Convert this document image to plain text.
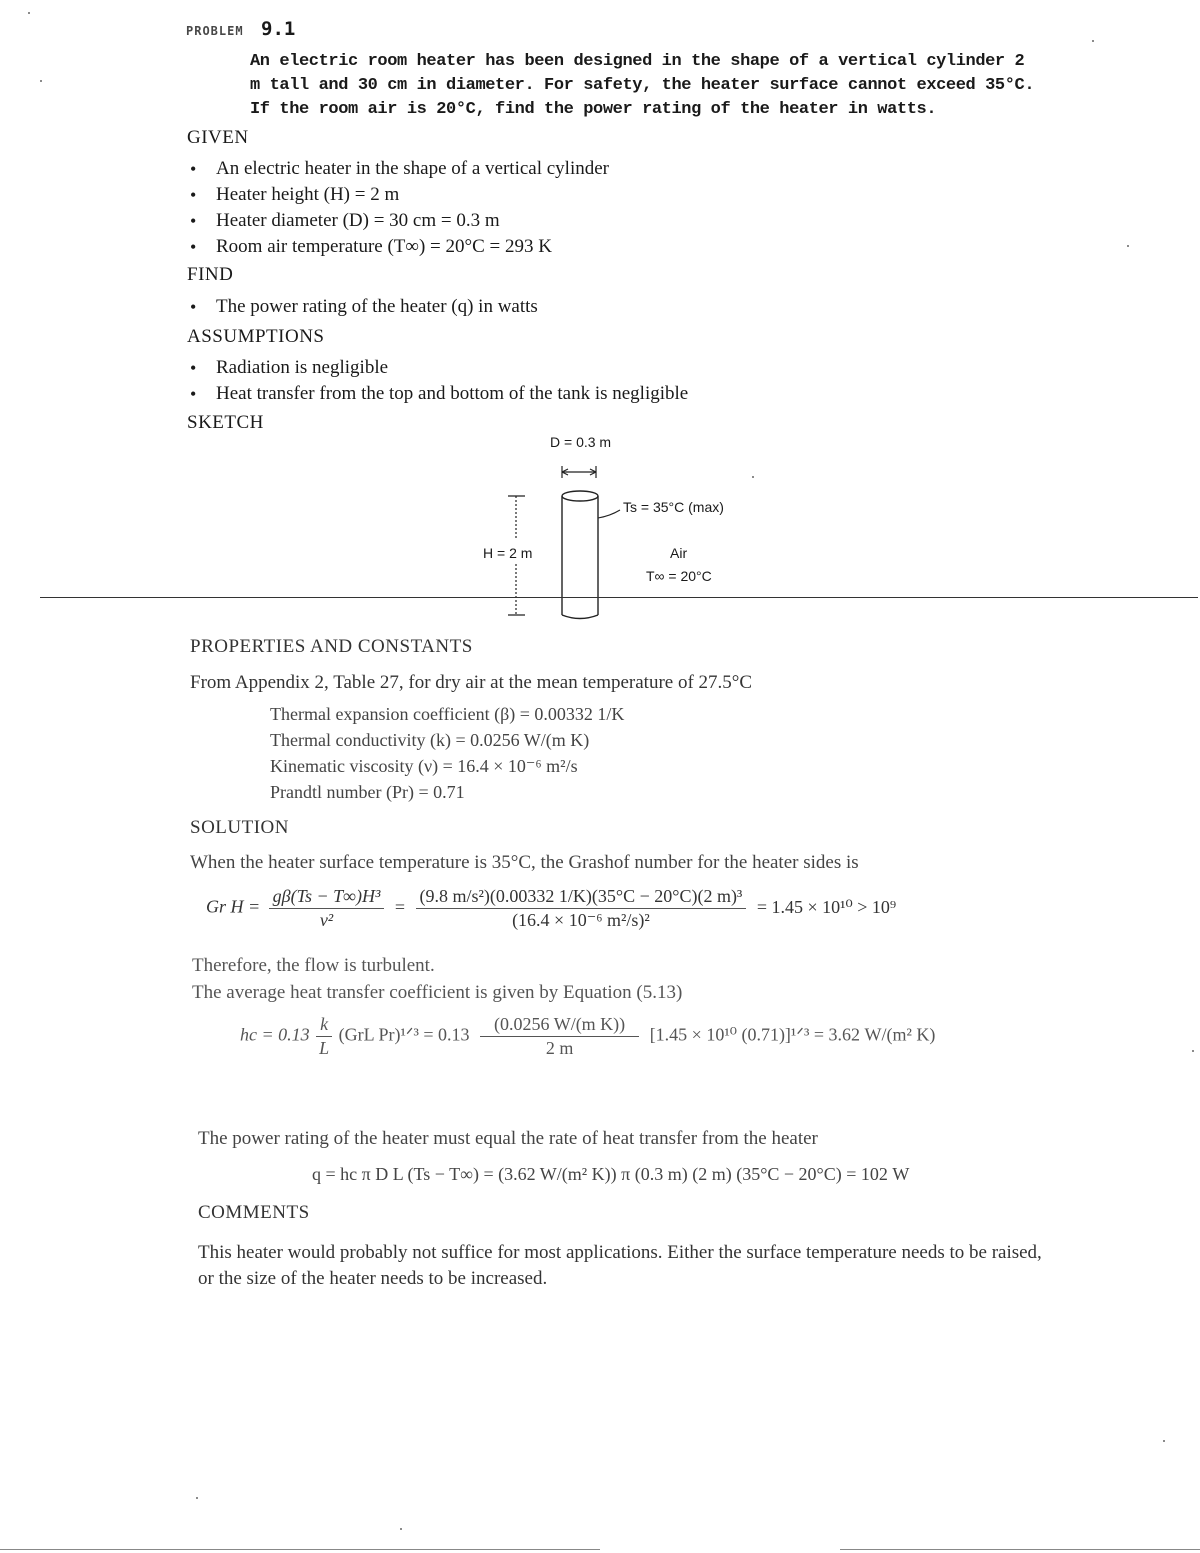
PROBLEM 9.1
An electric room heater has been designed in the shape of a vertical cylinder 2 m tall and 30 cm in diameter. For safety, the heater surface cannot exceed 35°C. If the room air is 20°C, find the power rating of the heater in watts.
GIVEN
• An electric heater in the shape of a vertical cylinder
• Heater height (H) = 2 m
• Heater diameter (D) = 30 cm = 0.3 m
• Room air temperature (T∞) = 20°C = 293 K
FIND
• The power rating of the heater (q) in watts
ASSUMPTIONS
• Radiation is negligible
• Heat transfer from the top and bottom of the tank is negligible
SKETCH
D = 0.3 m
H = 2 m
Ts = 35°C (max)
Air
T∞ = 20°C
PROPERTIES AND CONSTANTS
From Appendix 2, Table 27, for dry air at the mean temperature of 27.5°C
Thermal expansion coefficient (β) = 0.00332 1/K
Thermal conductivity (k) = 0.0256 W/(m K)
Kinematic viscosity (ν) = 16.4 × 10⁻⁶ m²/s
Prandtl number (Pr) = 0.71
SOLUTION
When the heater surface temperature is 35°C, the Grashof number for the heater sides is
Gr $H = \frac{\text{gβ(Ts − T∞)H³}}{\text{ν²}} = \frac{\text{(9.8 m/s²)(0.00332 1/K)(35°C − 20°C)(2 m)³}}{\text{(16.4 × 10⁻⁶ m²/s)²}} = 1.45 \times 10^{10} > 10^9$
Therefore, the flow is turbulent.
The average heat transfer coefficient is given by Equation (5.13)
hc = $0.13 \frac{k}{L} (GrL$ Pr)¹ᐟ³ = $0.13 \frac{\text{(0.0256 W/(m K))}}{2 m} [1.45 \times 10^{10}$ (0.71)]¹ᐟ³ = 3.62 W/(m² K)
The power rating of the heater must equal the rate of heat transfer from the heater
q = hc π D L (Ts − T∞) = (3.62 W/(m² K)) π (0.3 m) (2 m) (35°C − 20°C) = 102 W
COMMENTS
This heater would probably not suffice for most applications. Either the surface temperature needs to be raised, or the size of the heater needs to be increased.
